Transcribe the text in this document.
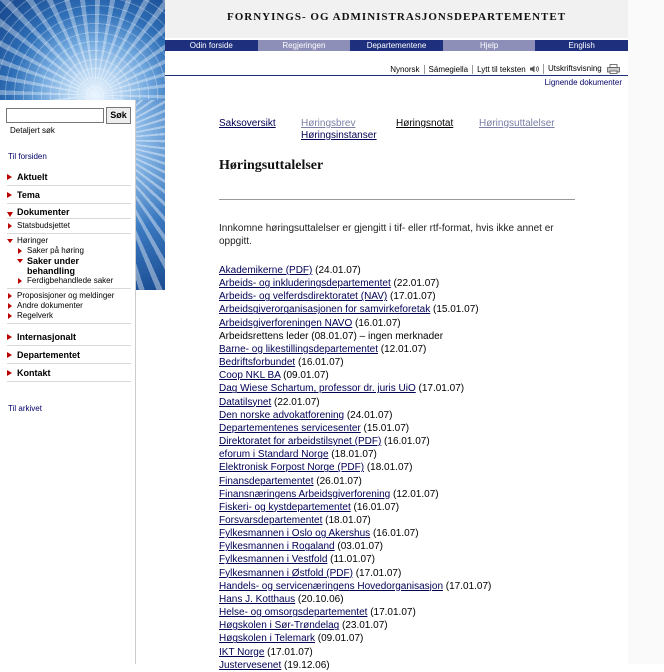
FORNYINGS- OG ADMINISTRASJONSDEPARTEMENTET
Odin forside	Regjeringen	Departementene	Hjelp	English
Nynorsk	Sámegiella	Lytt til teksten	Utskriftsvisning
Lignende dokumenter
Søk
Detaljert søk
Til forsiden
Aktuelt
Tema
Dokumenter
Statsbudsjettet
Høringer
Saker på høring
Saker under behandling
Ferdigbehandlede saker
Proposisjoner og meldinger
Andre dokumenter
Regelverk
Internasjonalt
Departementet
Kontakt
Til arkivet
Saksoversikt	Høringsbrev
Høringsinstanser
Høringsnotat	Høringsuttalelser
Høringsuttalelser

Innkomne høringsuttalelser er gjengitt i tif- eller rtf-format, hvis ikke annet er oppgitt.

Akademikerne (PDF) (24.01.07)
Arbeids- og inkluderingsdepartementet (22.01.07)
Arbeids- og velferdsdirektoratet (NAV) (17.01.07)
Arbeidsgiverorganisasjonen for samvirkeforetak (15.01.07)
Arbeidsgiverforeningen NAVO (16.01.07)
Arbeidsrettens leder (08.01.07) – ingen merknader
Barne- og likestillingsdepartementet (12.01.07)
Bedriftsforbundet (16.01.07)
Coop NKL BA (09.01.07)
Dag Wiese Schartum, professor dr. juris UiO (17.01.07)
Datatilsynet (22.01.07)
Den norske advokatforening (24.01.07)
Departementenes servicesenter (15.01.07)
Direktoratet for arbeidstilsynet (PDF) (16.01.07)
eforum i Standard Norge (18.01.07)
Elektronisk Forpost Norge (PDF) (18.01.07)
Finansdepartementet (26.01.07)
Finansnæringens Arbeidsgiverforening (12.01.07)
Fiskeri- og kystdepartementet (16.01.07)
Forsvarsdepartementet (18.01.07)
Fylkesmannen i Oslo og Akershus (16.01.07)
Fylkesmannen i Rogaland (03.01.07)
Fylkesmannen i Vestfold (11.01.07)
Fylkesmannen i Østfold (PDF) (17.01.07)
Handels- og servicenæringens Hovedorganisasjon (17.01.07)
Hans J. Kotthaus (20.10.06)
Helse- og omsorgsdepartementet (17.01.07)
Høgskolen i Sør-Trøndelag (23.01.07)
Høgskolen i Telemark (09.01.07)
IKT Norge (17.01.07)
Justervesenet (19.12.06)
